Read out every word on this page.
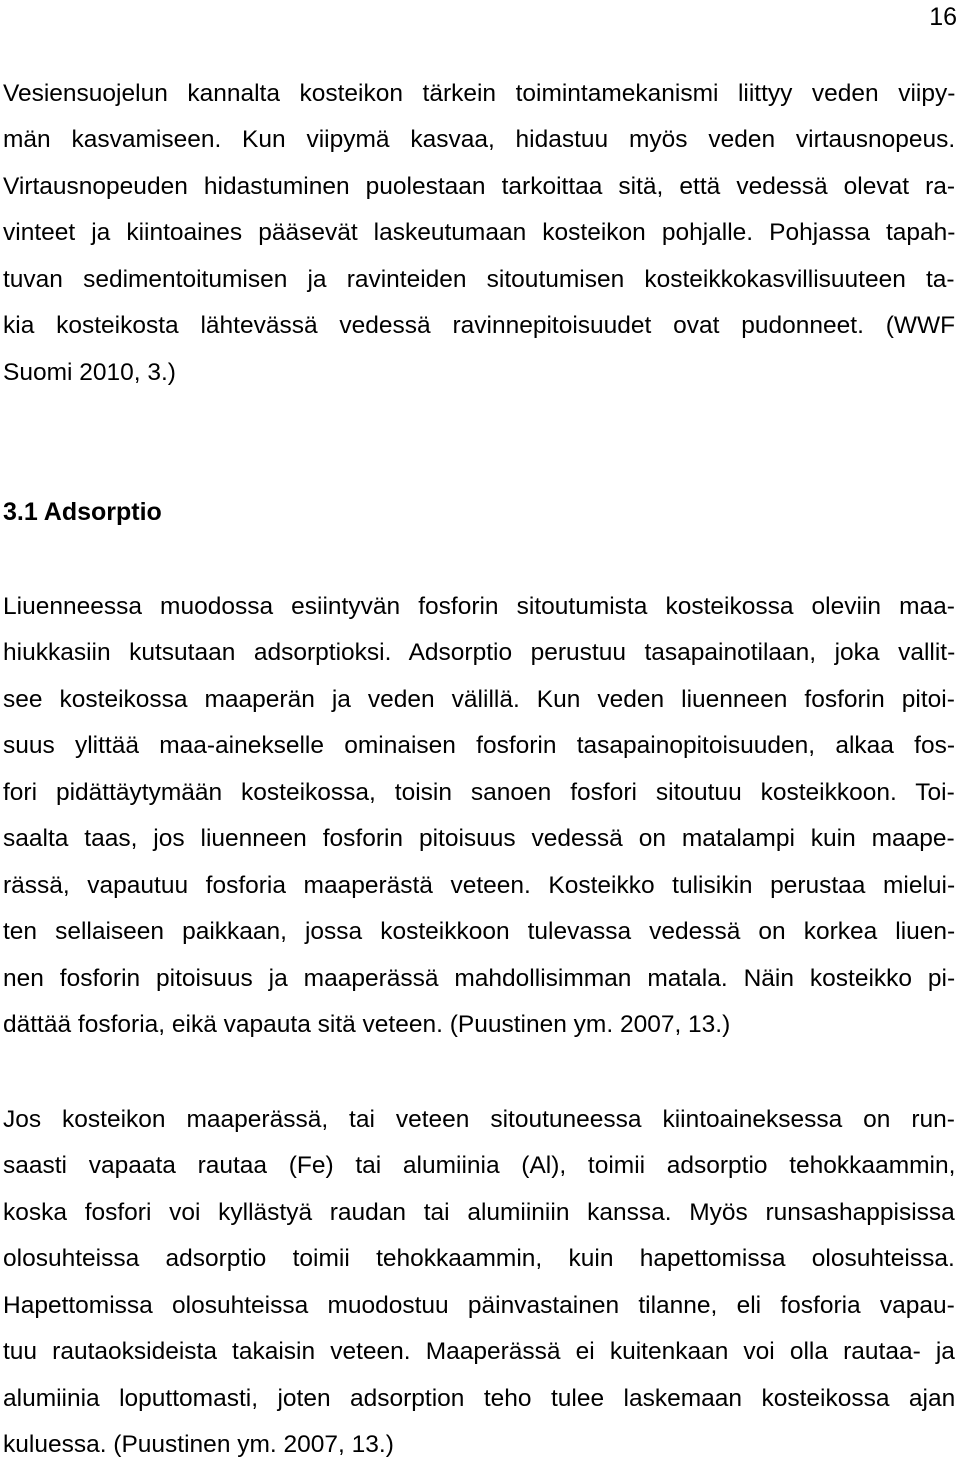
16
Vesiensuojelun kannalta kosteikon tärkein toimintamekanismi liittyy veden viipy-
män kasvamiseen. Kun viipymä kasvaa, hidastuu myös veden virtausnopeus.
Virtausnopeuden hidastuminen puolestaan tarkoittaa sitä, että vedessä olevat ra-
vinteet ja kiintoaines pääsevät laskeutumaan kosteikon pohjalle. Pohjassa tapah-
tuvan sedimentoitumisen ja ravinteiden sitoutumisen kosteikkokasvillisuuteen ta-
kia kosteikosta lähtevässä vedessä ravinnepitoisuudet ovat pudonneet. (WWF
Suomi 2010, 3.)
3.1 Adsorptio
Liuenneessa muodossa esiintyvän fosforin sitoutumista kosteikossa oleviin maa-
hiukkasiin kutsutaan adsorptioksi. Adsorptio perustuu tasapainotilaan, joka vallit-
see kosteikossa maaperän ja veden välillä. Kun veden liuenneen fosforin pitoi-
suus ylittää maa-ainekselle ominaisen fosforin tasapainopitoisuuden, alkaa fos-
fori pidättäytymään kosteikossa, toisin sanoen fosfori sitoutuu kosteikkoon. Toi-
saalta taas, jos liuenneen fosforin pitoisuus vedessä on matalampi kuin maape-
rässä, vapautuu fosforia maaperästä veteen. Kosteikko tulisikin perustaa mielui-
ten sellaiseen paikkaan, jossa kosteikkoon tulevassa vedessä on korkea liuen-
nen fosforin pitoisuus ja maaperässä mahdollisimman matala. Näin kosteikko pi-
dättää fosforia, eikä vapauta sitä veteen. (Puustinen ym. 2007, 13.)
Jos kosteikon maaperässä, tai veteen sitoutuneessa kiintoaineksessa on run-
saasti vapaata rautaa (Fe) tai alumiinia (Al), toimii adsorptio tehokkaammin,
koska fosfori voi kyllästyä raudan tai alumiiniin kanssa. Myös runsashappisissa
olosuhteissa adsorptio toimii tehokkaammin, kuin hapettomissa olosuhteissa.
Hapettomissa olosuhteissa muodostuu päinvastainen tilanne, eli fosforia vapau-
tuu rautaoksideista takaisin veteen. Maaperässä ei kuitenkaan voi olla rautaa- ja
alumiinia loputtomasti, joten adsorption teho tulee laskemaan kosteikossa ajan
kuluessa. (Puustinen ym. 2007, 13.)
